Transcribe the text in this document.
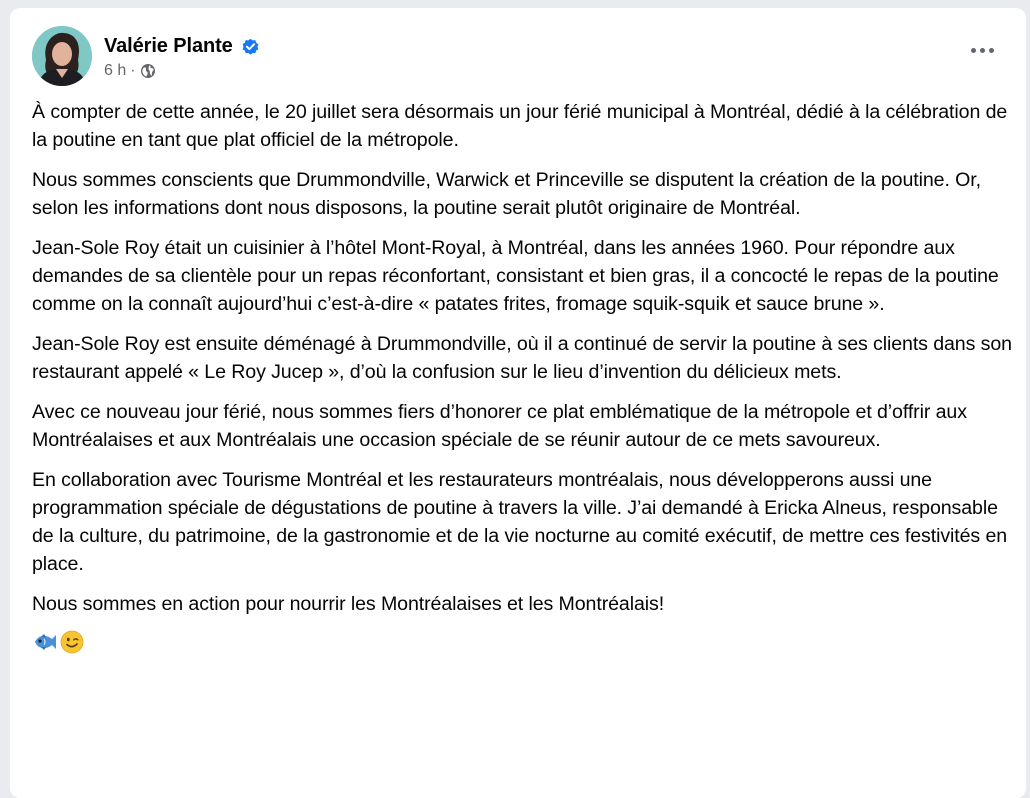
Valérie Plante
6 h ·

À compter de cette année, le 20 juillet sera désormais un jour férié municipal à Montréal, dédié à la célébration de la poutine en tant que plat officiel de la métropole.

Nous sommes conscients que Drummondville, Warwick et Princeville se disputent la création de la poutine. Or, selon les informations dont nous disposons, la poutine serait plutôt originaire de Montréal.

Jean-Sole Roy était un cuisinier à l’hôtel Mont-Royal, à Montréal, dans les années 1960. Pour répondre aux demandes de sa clientèle pour un repas réconfortant, consistant et bien gras, il a concocté le repas de la poutine comme on la connaît aujourd’hui c’est-à-dire « patates frites, fromage squik-squik et sauce brune ».

Jean-Sole Roy est ensuite déménagé à Drummondville, où il a continué de servir la poutine à ses clients dans son restaurant appelé « Le Roy Jucep », d’où la confusion sur le lieu d’invention du délicieux mets.

Avec ce nouveau jour férié, nous sommes fiers d’honorer ce plat emblématique de la métropole et d’offrir aux Montréalaises et aux Montréalais une occasion spéciale de se réunir autour de ce mets savoureux.

En collaboration avec Tourisme Montréal et les restaurateurs montréalais, nous développerons aussi une programmation spéciale de dégustations de poutine à travers la ville. J’ai demandé à Ericka Alneus, responsable de la culture, du patrimoine, de la gastronomie et de la vie nocturne au comité exécutif, de mettre ces festivités en place.

Nous sommes en action pour nourrir les Montréalaises et les Montréalais!
